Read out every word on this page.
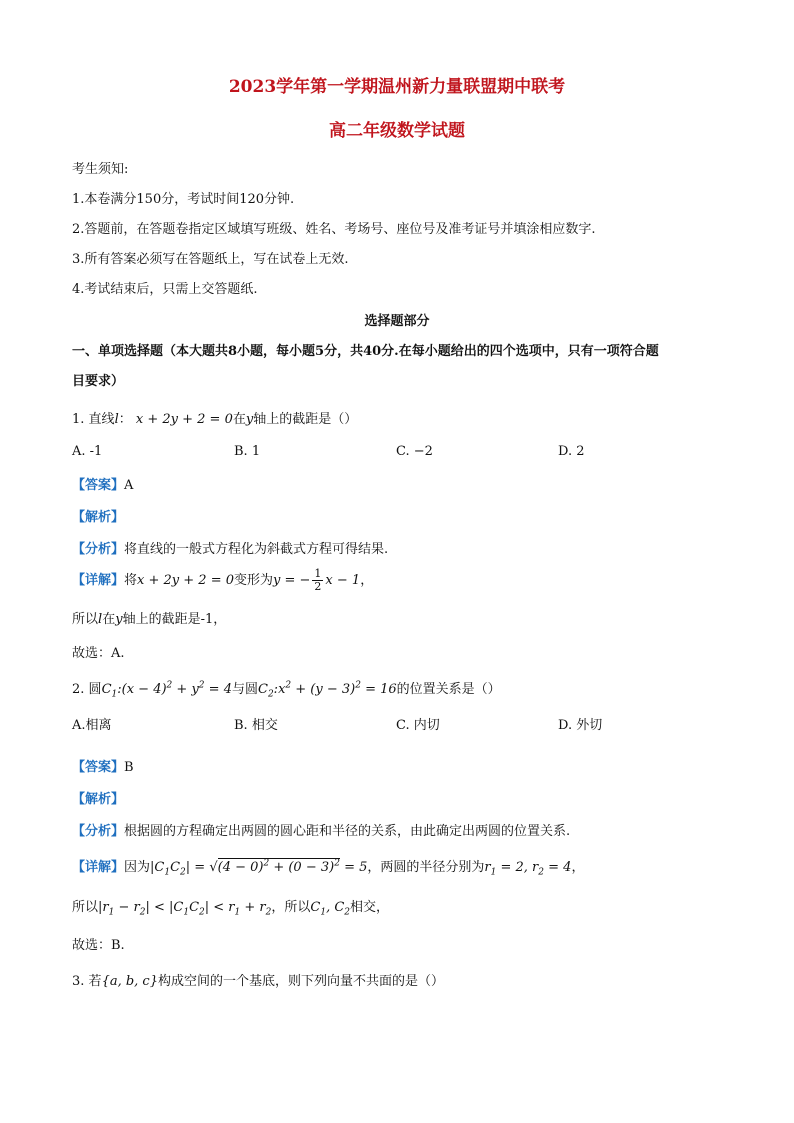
2023学年第一学期温州新力量联盟期中联考
高二年级数学试题
考生须知:
1.本卷满分150分，考试时间120分钟.
2.答题前，在答题卷指定区域填写班级、姓名、考场号、座位号及准考证号并填涂相应数字.
3.所有答案必须写在答题纸上，写在试卷上无效.
4.考试结束后，只需上交答题纸.
选择题部分
一、单项选择题（本大题共8小题，每小题5分，共40分.在每小题给出的四个选项中，只有一项符合题
目要求）
1. 直线l： x + 2y + 2 = 0在y轴上的截距是（）
A. -1	B. 1	C. −2	D. 2
【答案】A
【解析】
【分析】将直线的一般式方程化为斜截式方程可得结果.
【详解】将x + 2y + 2 = 0变形为y = − $\frac{1}{2}$ x − 1，
所以l在y轴上的截距是-1，
故选：A.
2. 圆$C_1:(x - 4)^2 + y^2 = 4$与圆$C_2:x^2 + (y - 3)^2 = 16$的位置关系是（）
A.相离	B. 相交	C. 内切	D. 外切
【答案】B
【解析】
【分析】根据圆的方程确定出两圆的圆心距和半径的关系，由此确定出两圆的位置关系.
【详解】因为$|C_1C_2| = √(4 - 0)^2 + (0 - 3)^2 = 5$，两圆的半径分别为$r_1 = 2$, $r_2 = 4$，
所以$|r_1 - r_2| < |C_1C_2| < r_1 + r_2$，所以$C_1$, $C_2$相交，
故选：B.
3. 若{a, b, c}构成空间的一个基底，则下列向量不共面的是（）
